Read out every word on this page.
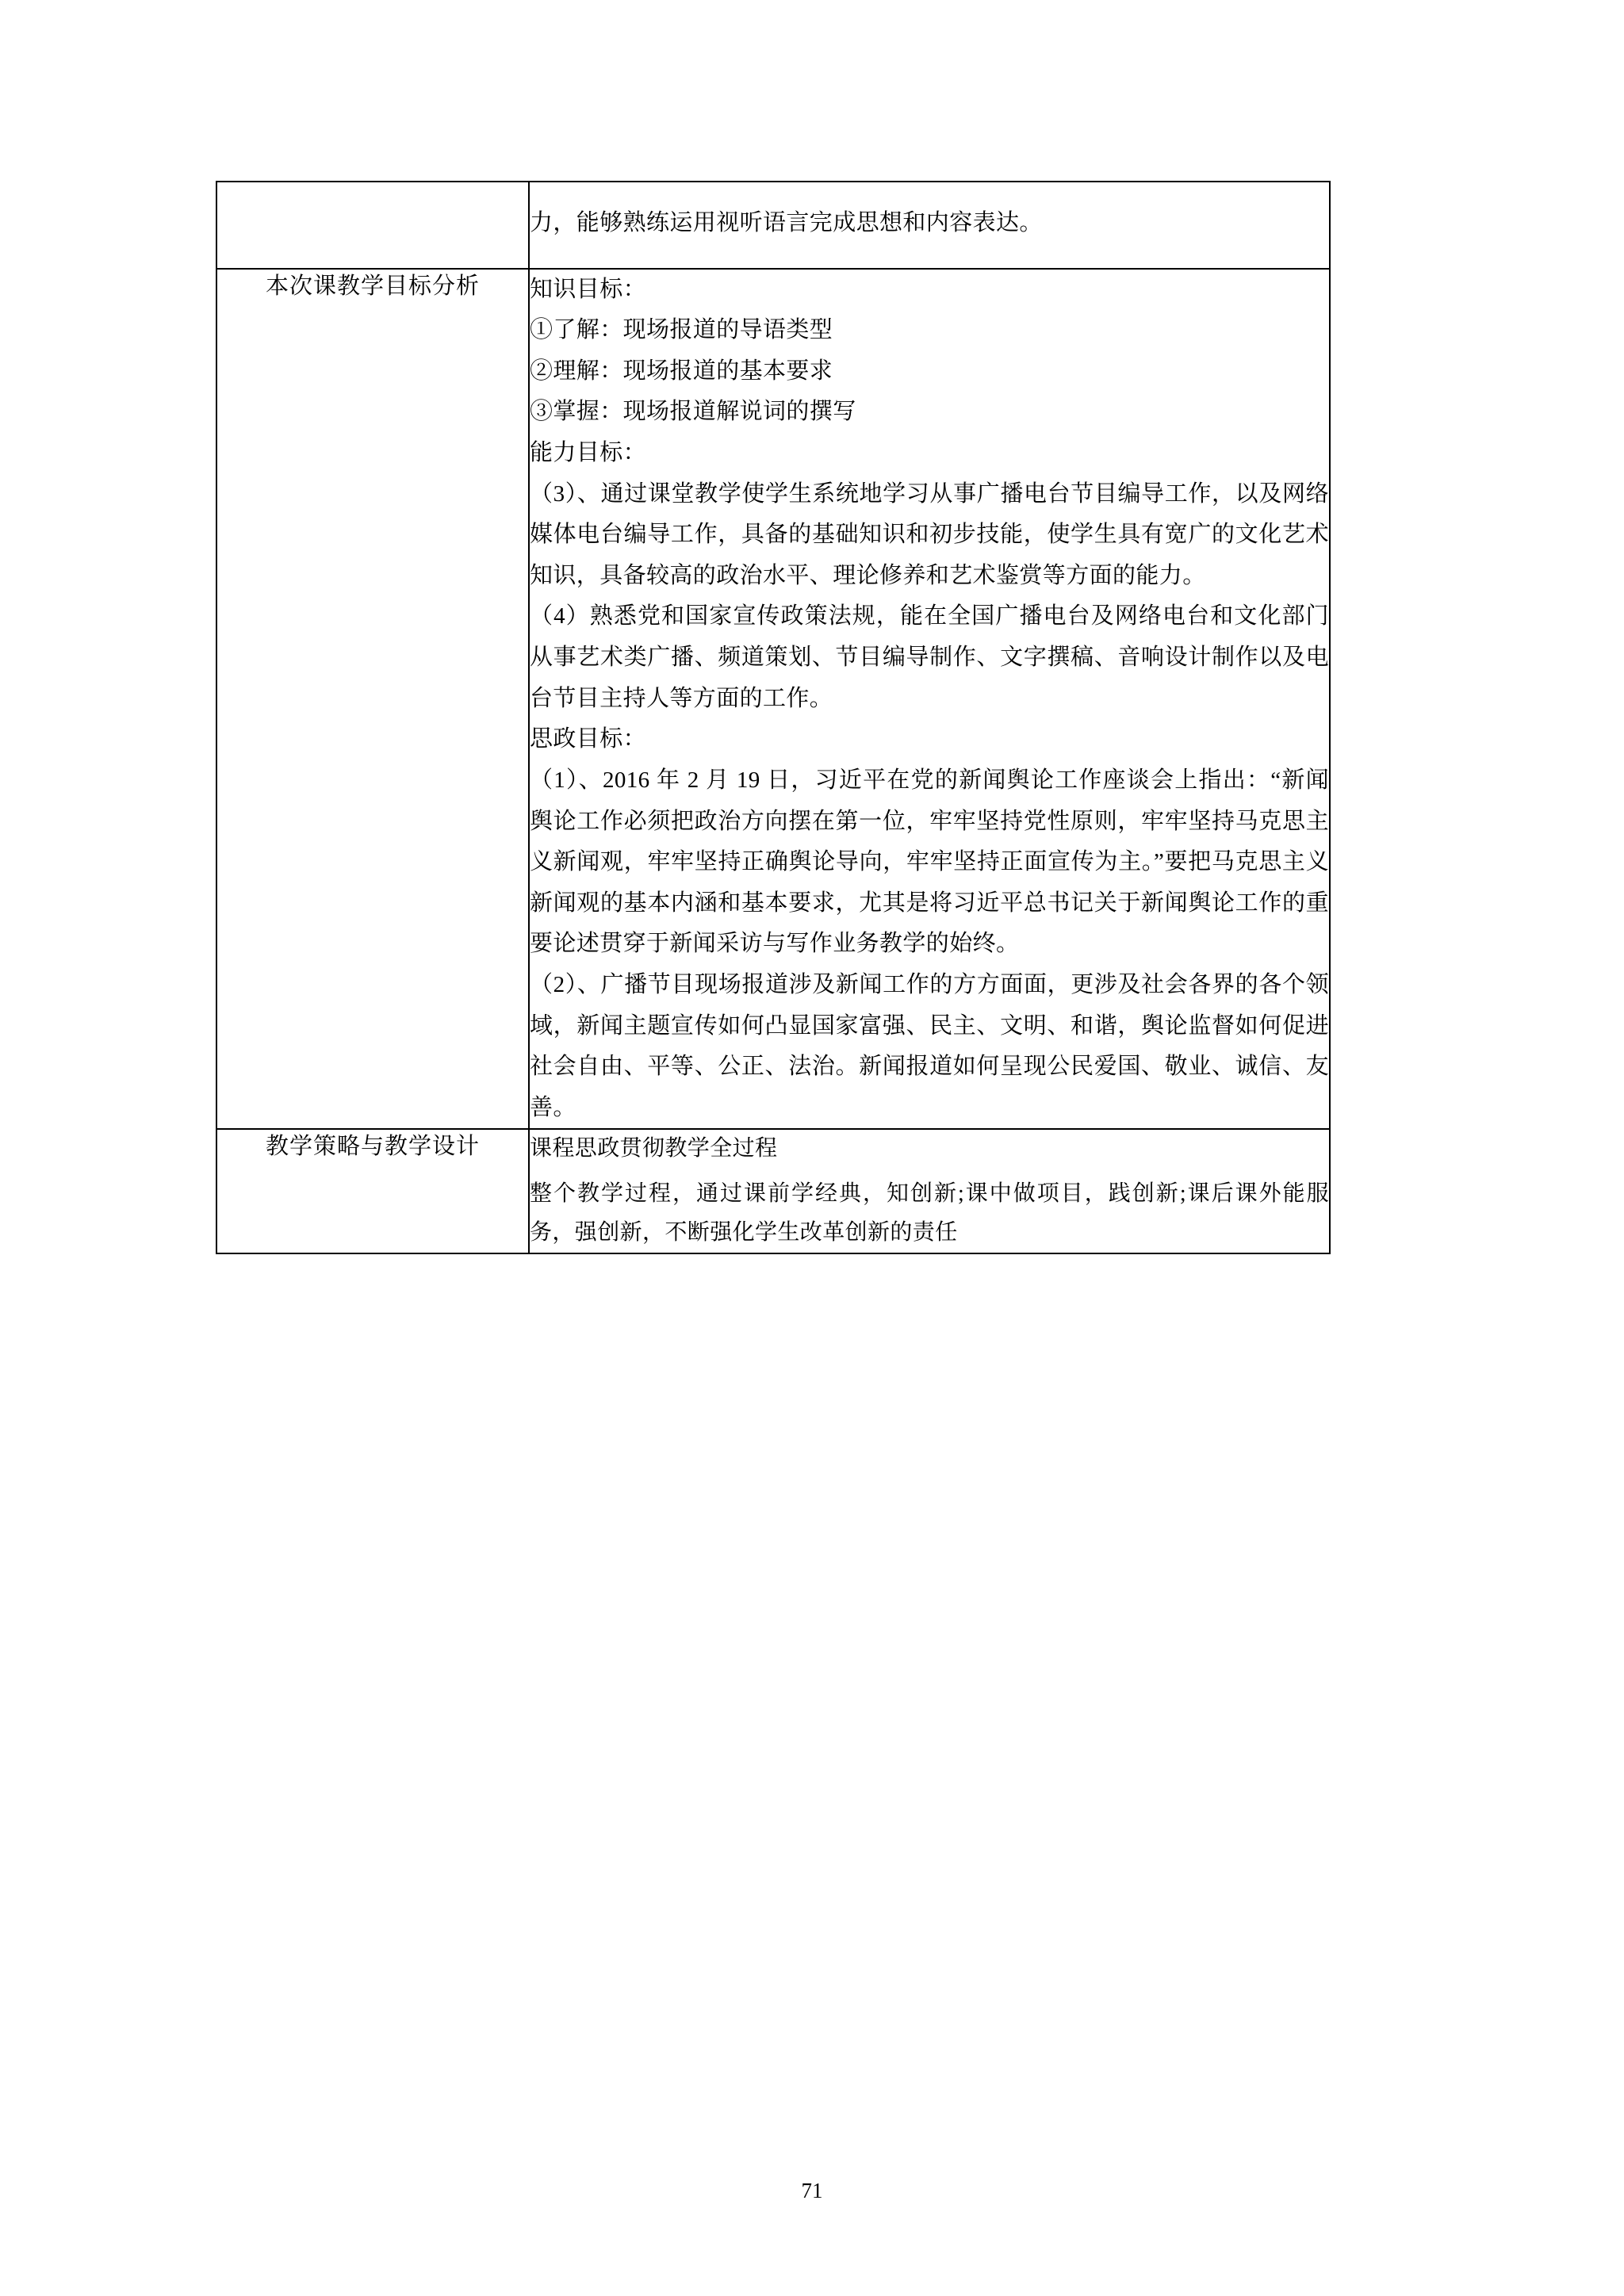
	力，能够熟练运用视听语言完成思想和内容表达。

本次课教学目标分析	知识目标：

①了解：现场报道的导语类型

②理解：现场报道的基本要求

③掌握：现场报道解说词的撰写

能力目标：

（3）、通过课堂教学使学生系统地学习从事广播电台节目编导工作，以及网络媒体电台编导工作，具备的基础知识和初步技能，使学生具有宽广的文化艺术知识，具备较高的政治水平、理论修养和艺术鉴赏等方面的能力。

（4）熟悉党和国家宣传政策法规，能在全国广播电台及网络电台和文化部门从事艺术类广播、频道策划、节目编导制作、文字撰稿、音响设计制作以及电台节目主持人等方面的工作。

思政目标：

（1）、2016 年 2 月 19 日，习近平在党的新闻舆论工作座谈会上指出：“新闻舆论工作必须把政治方向摆在第一位，牢牢坚持党性原则，牢牢坚持马克思主义新闻观，牢牢坚持正确舆论导向，牢牢坚持正面宣传为主。”要把马克思主义新闻观的基本内涵和基本要求，尤其是将习近平总书记关于新闻舆论工作的重要论述贯穿于新闻采访与写作业务教学的始终。

（2）、广播节目现场报道涉及新闻工作的方方面面，更涉及社会各界的各个领域，新闻主题宣传如何凸显国家富强、民主、文明、和谐，舆论监督如何促进社会自由、平等、公正、法治。新闻报道如何呈现公民爱国、敬业、诚信、友善。

教学策略与教学设计	课程思政贯彻教学全过程

整个教学过程，通过课前学经典，知创新;课中做项目，践创新;课后课外能服务，强创新，不断强化学生改革创新的责任

71
